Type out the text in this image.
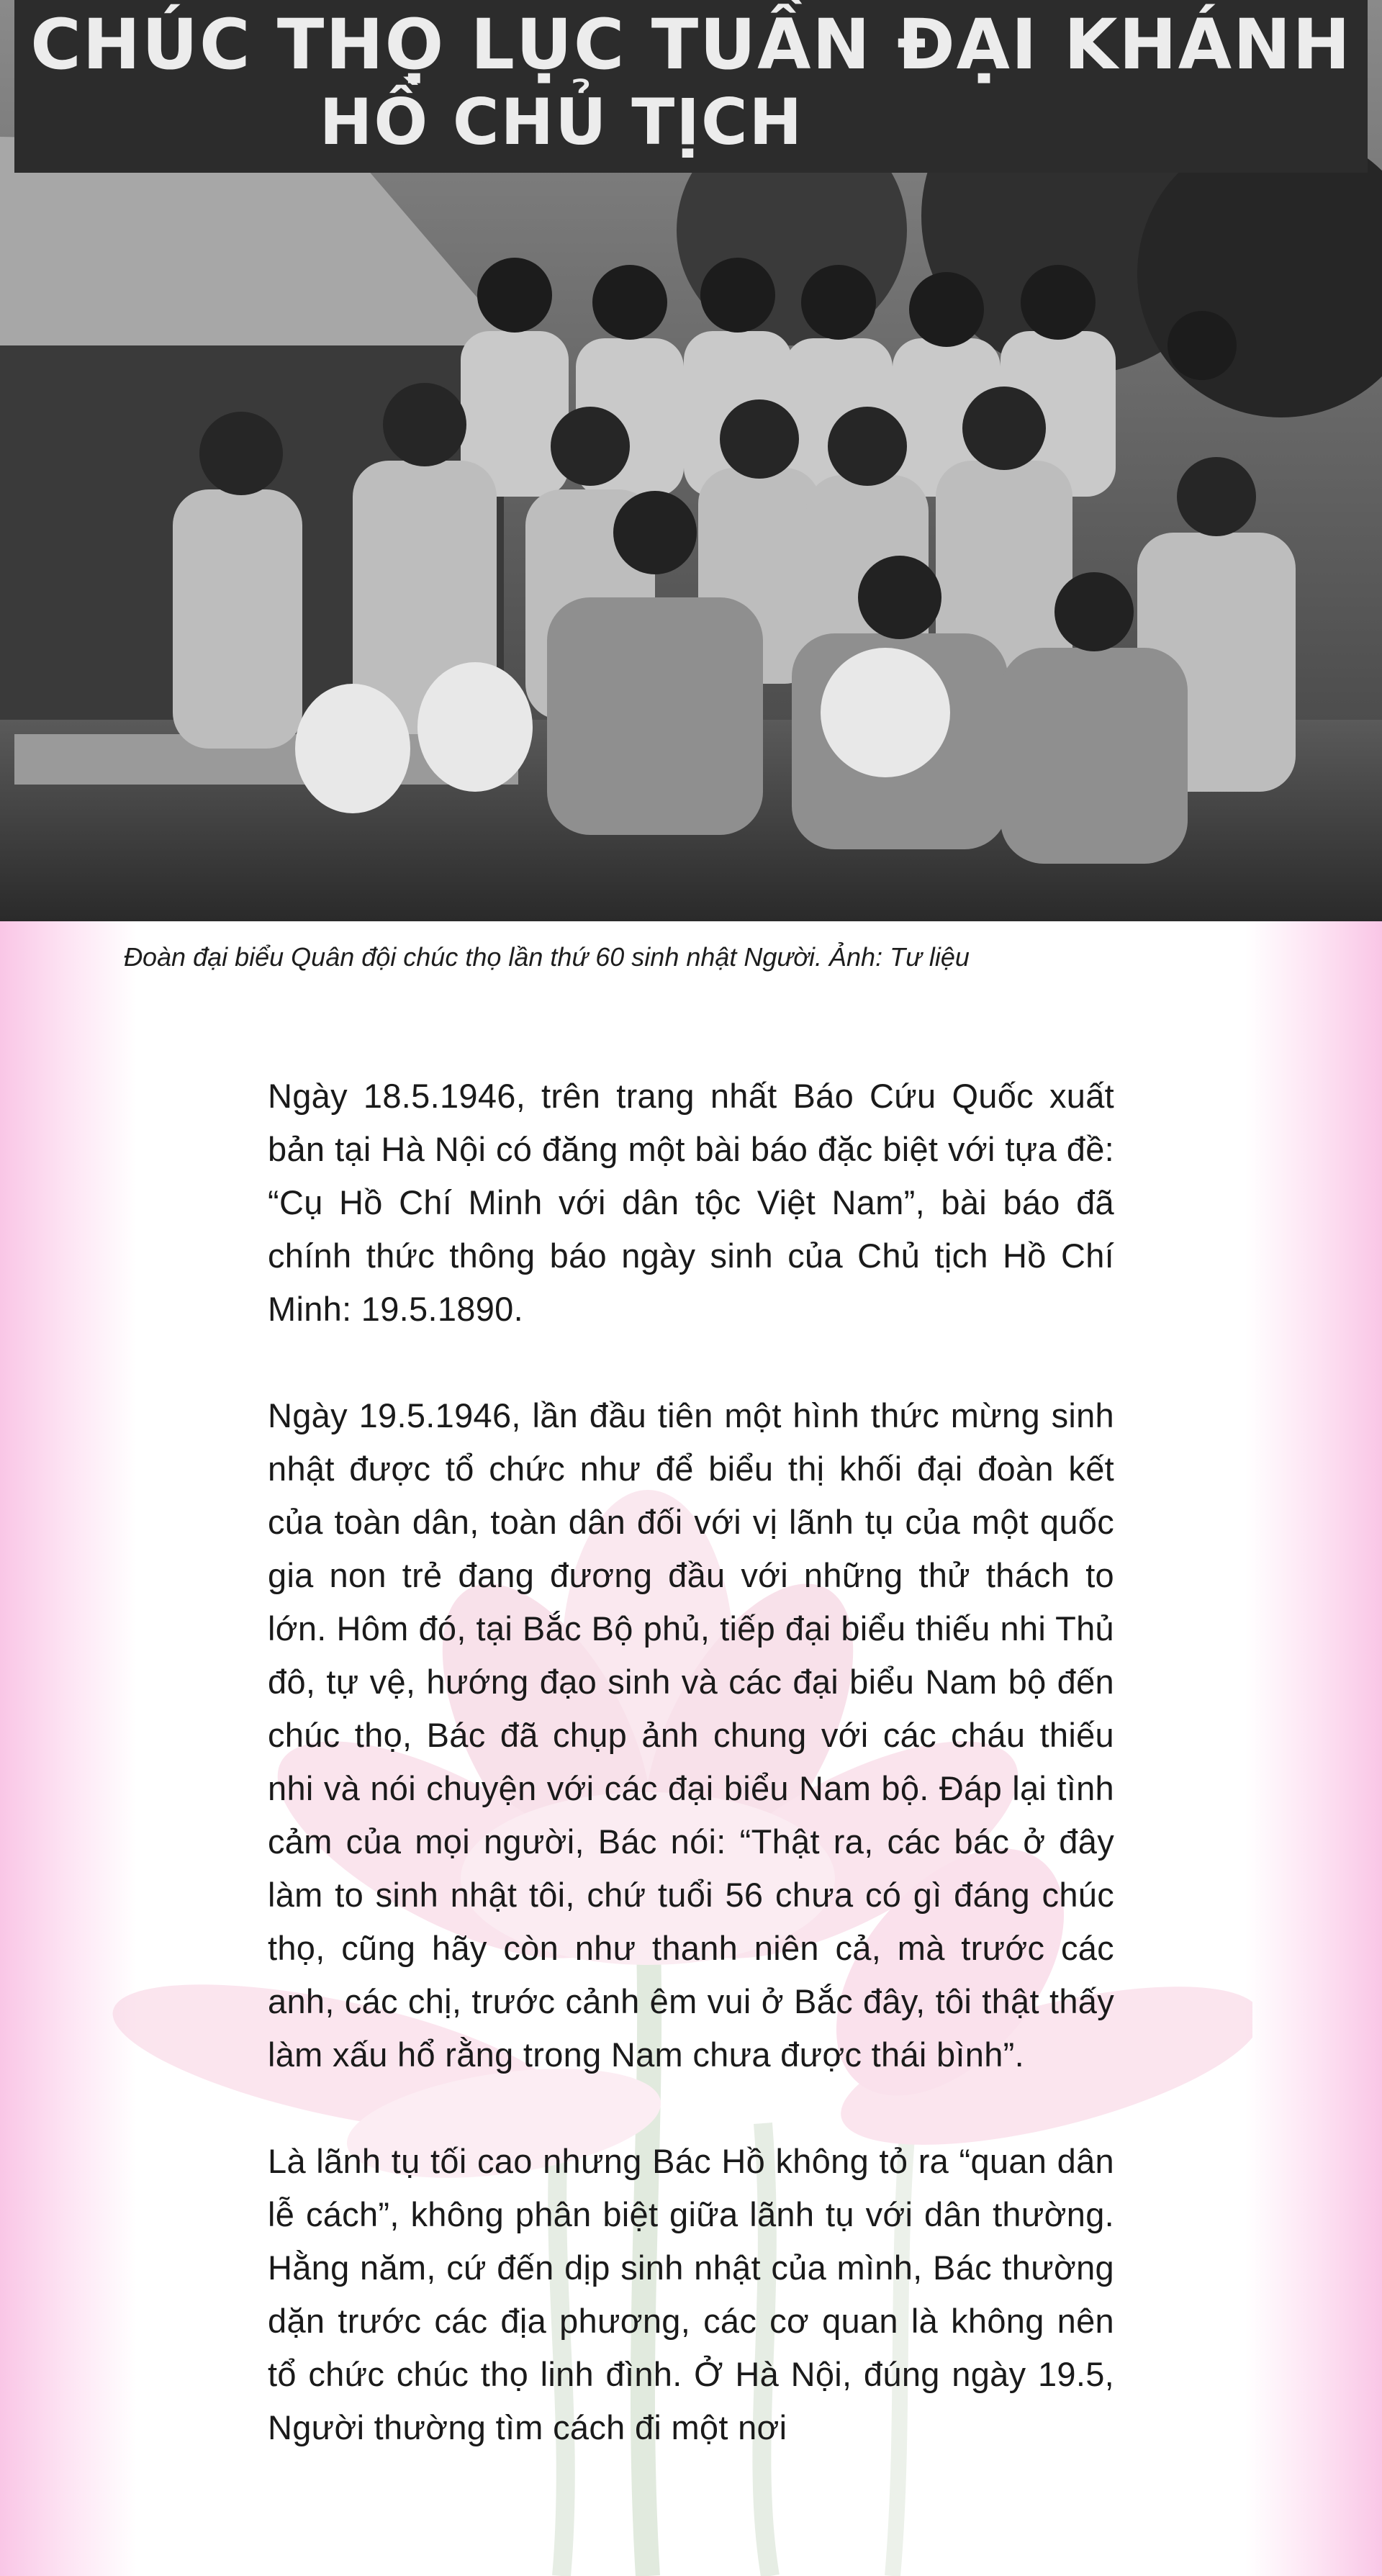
CHÚC THỌ LỤC TUẦN ĐẠI KHÁNH
HỒ CHỦ TỊCH

Đoàn đại biểu Quân đội chúc thọ lần thứ 60 sinh nhật Người. Ảnh: Tư liệu

Ngày 18.5.1946, trên trang nhất Báo Cứu Quốc xuất bản tại Hà Nội có đăng một bài báo đặc biệt với tựa đề: “Cụ Hồ Chí Minh với dân tộc Việt Nam”, bài báo đã chính thức thông báo ngày sinh của Chủ tịch Hồ Chí Minh: 19.5.1890.

Ngày 19.5.1946, lần đầu tiên một hình thức mừng sinh nhật được tổ chức như để biểu thị khối đại đoàn kết của toàn dân, toàn dân đối với vị lãnh tụ của một quốc gia non trẻ đang đương đầu với những thử thách to lớn. Hôm đó, tại Bắc Bộ phủ, tiếp đại biểu thiếu nhi Thủ đô, tự vệ, hướng đạo sinh và các đại biểu Nam bộ đến chúc thọ, Bác đã chụp ảnh chung với các cháu thiếu nhi và nói chuyện với các đại biểu Nam bộ. Đáp lại tình cảm của mọi người, Bác nói: “Thật ra, các bác ở đây làm to sinh nhật tôi, chứ tuổi 56 chưa có gì đáng chúc thọ, cũng hãy còn như thanh niên cả, mà trước các anh, các chị, trước cảnh êm vui ở Bắc đây, tôi thật thấy làm xấu hổ rằng trong Nam chưa được thái bình”.

Là lãnh tụ tối cao nhưng Bác Hồ không tỏ ra “quan dân lễ cách”, không phân biệt giữa lãnh tụ với dân thường. Hằng năm, cứ đến dịp sinh nhật của mình, Bác thường dặn trước các địa phương, các cơ quan là không nên tổ chức chúc thọ linh đình. Ở Hà Nội, đúng ngày 19.5, Người thường tìm cách đi một nơi
